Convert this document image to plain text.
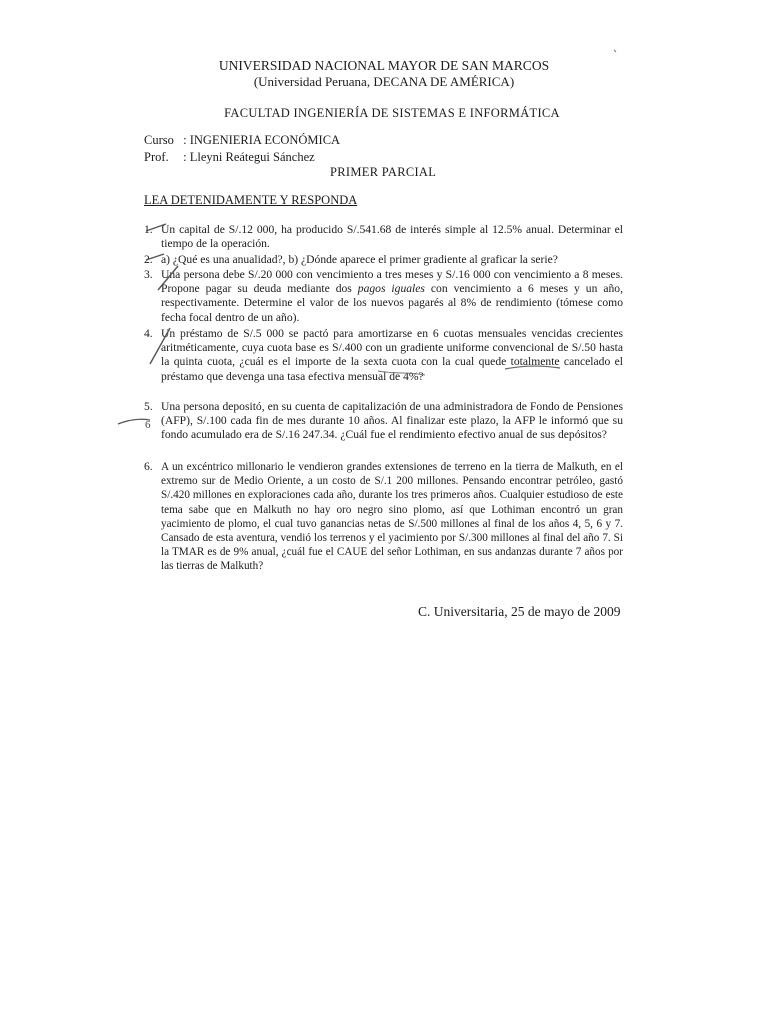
UNIVERSIDAD NACIONAL MAYOR DE SAN MARCOS
(Universidad Peruana, DECANA DE AMÉRICA)
FACULTAD INGENIERÍA DE SISTEMAS E INFORMÁTICA
Curso : INGENIERIA ECONÓMICA
Prof. : Lleyni Reátegui Sánchez
PRIMER PARCIAL
LEA DETENIDAMENTE Y RESPONDA
1. Un capital de S/.12 000, ha producido S/.541.68 de interés simple al 12.5% anual. Determinar el tiempo de la operación.
2. a) ¿Qué es una anualidad?, b) ¿Dónde aparece el primer gradiente al graficar la serie?
3. Una persona debe S/.20 000 con vencimiento a tres meses y S/.16 000 con vencimiento a 8 meses. Propone pagar su deuda mediante dos pagos iguales con vencimiento a 6 meses y un año, respectivamente. Determine el valor de los nuevos pagarés al 8% de rendimiento (tómese como fecha focal dentro de un año).
4. Un préstamo de S/.5 000 se pactó para amortizarse en 6 cuotas mensuales vencidas crecientes aritméticamente, cuya cuota base es S/.400 con un gradiente uniforme convencional de S/.50 hasta la quinta cuota, ¿cuál es el importe de la sexta cuota con la cual quede totalmente cancelado el préstamo que devenga una tasa efectiva mensual de 4%?
5. Una persona depositó, en su cuenta de capitalización de una administradora de Fondo de Pensiones (AFP), S/.100 cada fin de mes durante 10 años. Al finalizar este plazo, la AFP le informó que su fondo acumulado era de S/.16 247.34. ¿Cuál fue el rendimiento efectivo anual de sus depósitos?
6. A un excéntrico millonario le vendieron grandes extensiones de terreno en la tierra de Malkuth, en el extremo sur de Medio Oriente, a un costo de S/.1 200 millones. Pensando encontrar petróleo, gastó S/.420 millones en exploraciones cada año, durante los tres primeros años. Cualquier estudioso de este tema sabe que en Malkuth no hay oro negro sino plomo, así que Lothiman encontró un gran yacimiento de plomo, el cual tuvo ganancias netas de S/.500 millones al final de los años 4, 5, 6 y 7. Cansado de esta aventura, vendió los terrenos y el yacimiento por S/.300 millones al final del año 7. Si la TMAR es de 9% anual, ¿cuál fue el CAUE del señor Lothiman, en sus andanzas durante 7 años por las tierras de Malkuth?
C. Universitaria, 25 de mayo de 2009
6
